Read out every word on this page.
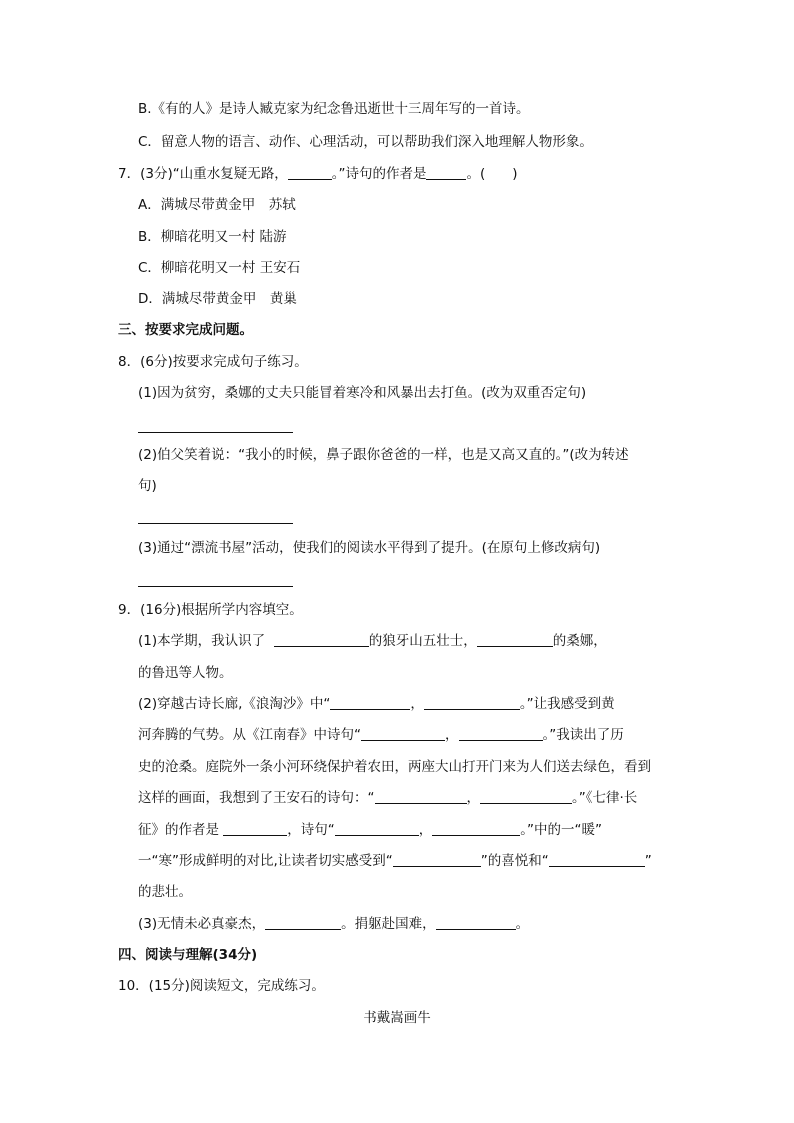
B.《有的人》是诗人臧克家为纪念鲁迅逝世十三周年写的一首诗。
C．留意人物的语言、动作、心理活动，可以帮助我们深入地理解人物形象。
7．(3分)“山重水复疑无路，	。”诗句的作者是	。(　　)
A．满城尽带黄金甲　苏轼
B．柳暗花明又一村 陆游
C．柳暗花明又一村 王安石
D．满城尽带黄金甲　黄巢
三、按要求完成问题。
8．(6分)按要求完成句子练习。
(1)因为贫穷，桑娜的丈夫只能冒着寒冷和风暴出去打鱼。(改为双重否定句)
(2)伯父笑着说：“我小的时候，鼻子跟你爸爸的一样，也是又高又直的。”(改为转述
句)
(3)通过“漂流书屋”活动，使我们的阅读水平得到了提升。(在原句上修改病句)
9．(16分)根据所学内容填空。
(1)本学期，我认识了	的狼牙山五壮士，	的桑娜，
的鲁迅等人物。
(2)穿越古诗长廊,《浪淘沙》中“	，	。”让我感受到黄
河奔腾的气势。从《江南春》中诗句“	，	。”我读出了历
史的沧桑。庭院外一条小河环绕保护着农田，两座大山打开门来为人们送去绿色，看到
这样的画面，我想到了王安石的诗句：“	，	。”《七律·长
征》的作者是	，诗句“	，	。”中的一“暖”
一“寒”形成鲜明的对比,让读者切实感受到“	”的喜悦和“	”
的悲壮。
(3)无情未必真豪杰，	。捐躯赴国难，	。
四、阅读与理解(34分)
10．(15分)阅读短文，完成练习。
书戴嵩画牛
